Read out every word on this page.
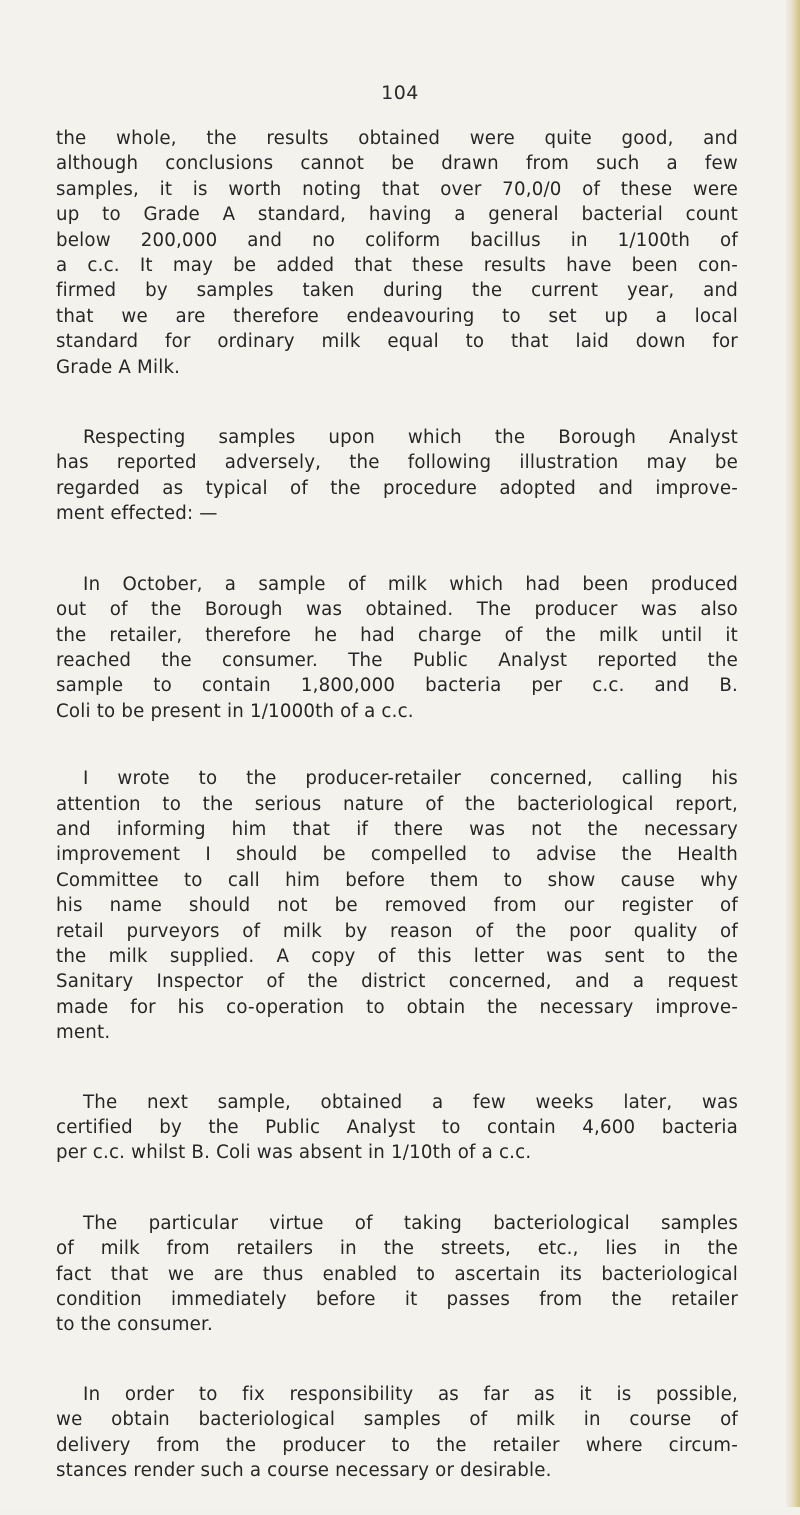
104
the whole, the results obtained were quite good, and
although conclusions cannot be drawn from such a few
samples, it is worth noting that over 70,0/0 of these were
up to Grade A standard, having a general bacterial count
below 200,000 and no coliform bacillus in 1/100th of
a c.c. It may be added that these results have been con-
firmed by samples taken during the current year, and
that we are therefore endeavouring to set up a local
standard for ordinary milk equal to that laid down for
Grade A Milk.
Respecting samples upon which the Borough Analyst
has reported adversely, the following illustration may be
regarded as typical of the procedure adopted and improve-
ment effected: —
In October, a sample of milk which had been produced
out of the Borough was obtained. The producer was also
the retailer, therefore he had charge of the milk until it
reached the consumer. The Public Analyst reported the
sample to contain 1,800,000 bacteria per c.c. and B.
Coli to be present in 1/1000th of a c.c.
I wrote to the producer-retailer concerned, calling his
attention to the serious nature of the bacteriological report,
and informing him that if there was not the necessary
improvement I should be compelled to advise the Health
Committee to call him before them to show cause why
his name should not be removed from our register of
retail purveyors of milk by reason of the poor quality of
the milk supplied. A copy of this letter was sent to the
Sanitary Inspector of the district concerned, and a request
made for his co-operation to obtain the necessary improve-
ment.
The next sample, obtained a few weeks later, was
certified by the Public Analyst to contain 4,600 bacteria
per c.c. whilst B. Coli was absent in 1/10th of a c.c.
The particular virtue of taking bacteriological samples
of milk from retailers in the streets, etc., lies in the
fact that we are thus enabled to ascertain its bacteriological
condition immediately before it passes from the retailer
to the consumer.
In order to fix responsibility as far as it is possible,
we obtain bacteriological samples of milk in course of
delivery from the producer to the retailer where circum-
stances render such a course necessary or desirable.
